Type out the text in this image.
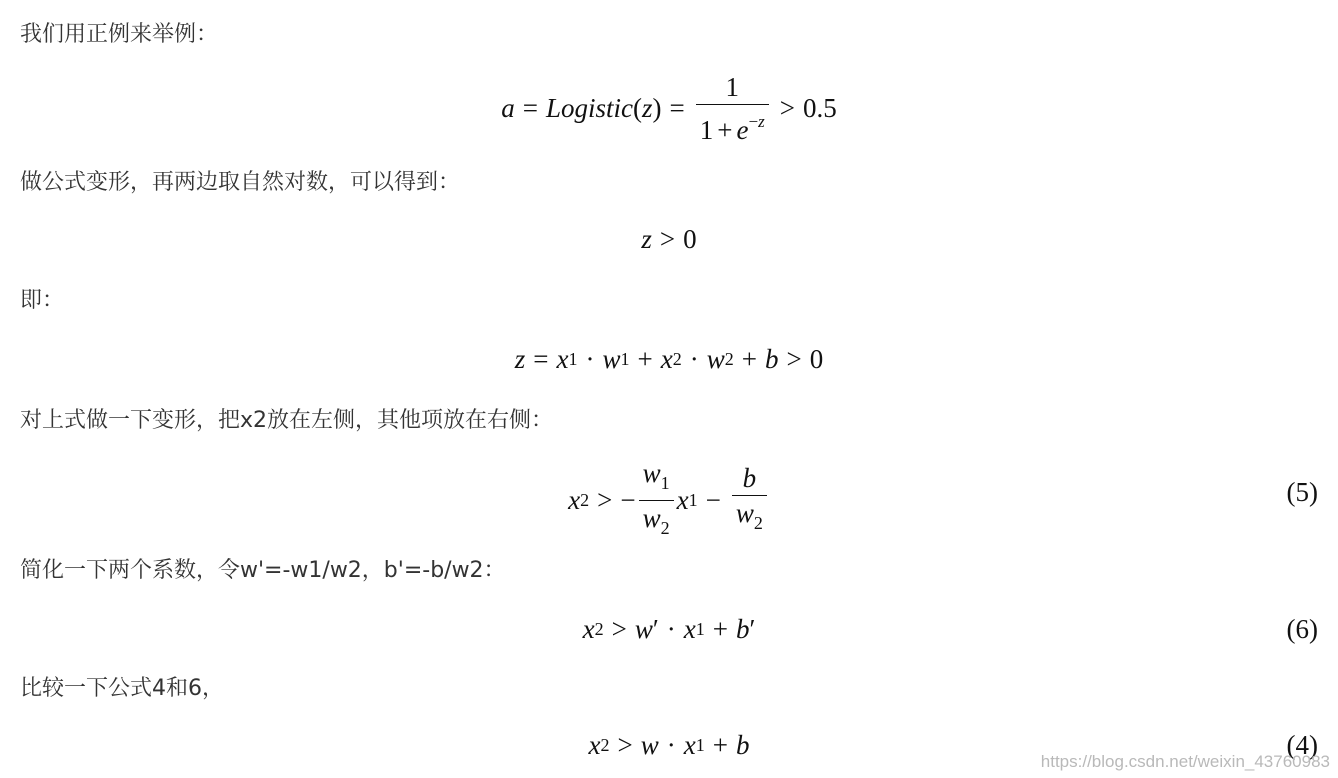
我们用正例来举例：
a = Logistic ( z ) = $\frac{1}{1 + e^{-z}} > 0.5$
做公式变形，再两边取自然对数，可以得到：
z > 0
即：
z = x 1 · w 1 + x 2 · w 2 + b > 0
对上式做一下变形，把x2放在左侧，其他项放在右侧：
x 2 > − $\frac{w_1}{w_2}$ x $1 - \frac{b}{w_2}$	(5)
简化一下两个系数，令w'=-w1/w2，b'=-b/w2：
x 2 > w ′ · x 1 + b ′	(6)
比较一下公式4和6，
x 2 > w · x 1 + b	(4)
https://blog.csdn.net/weixin_43760983
